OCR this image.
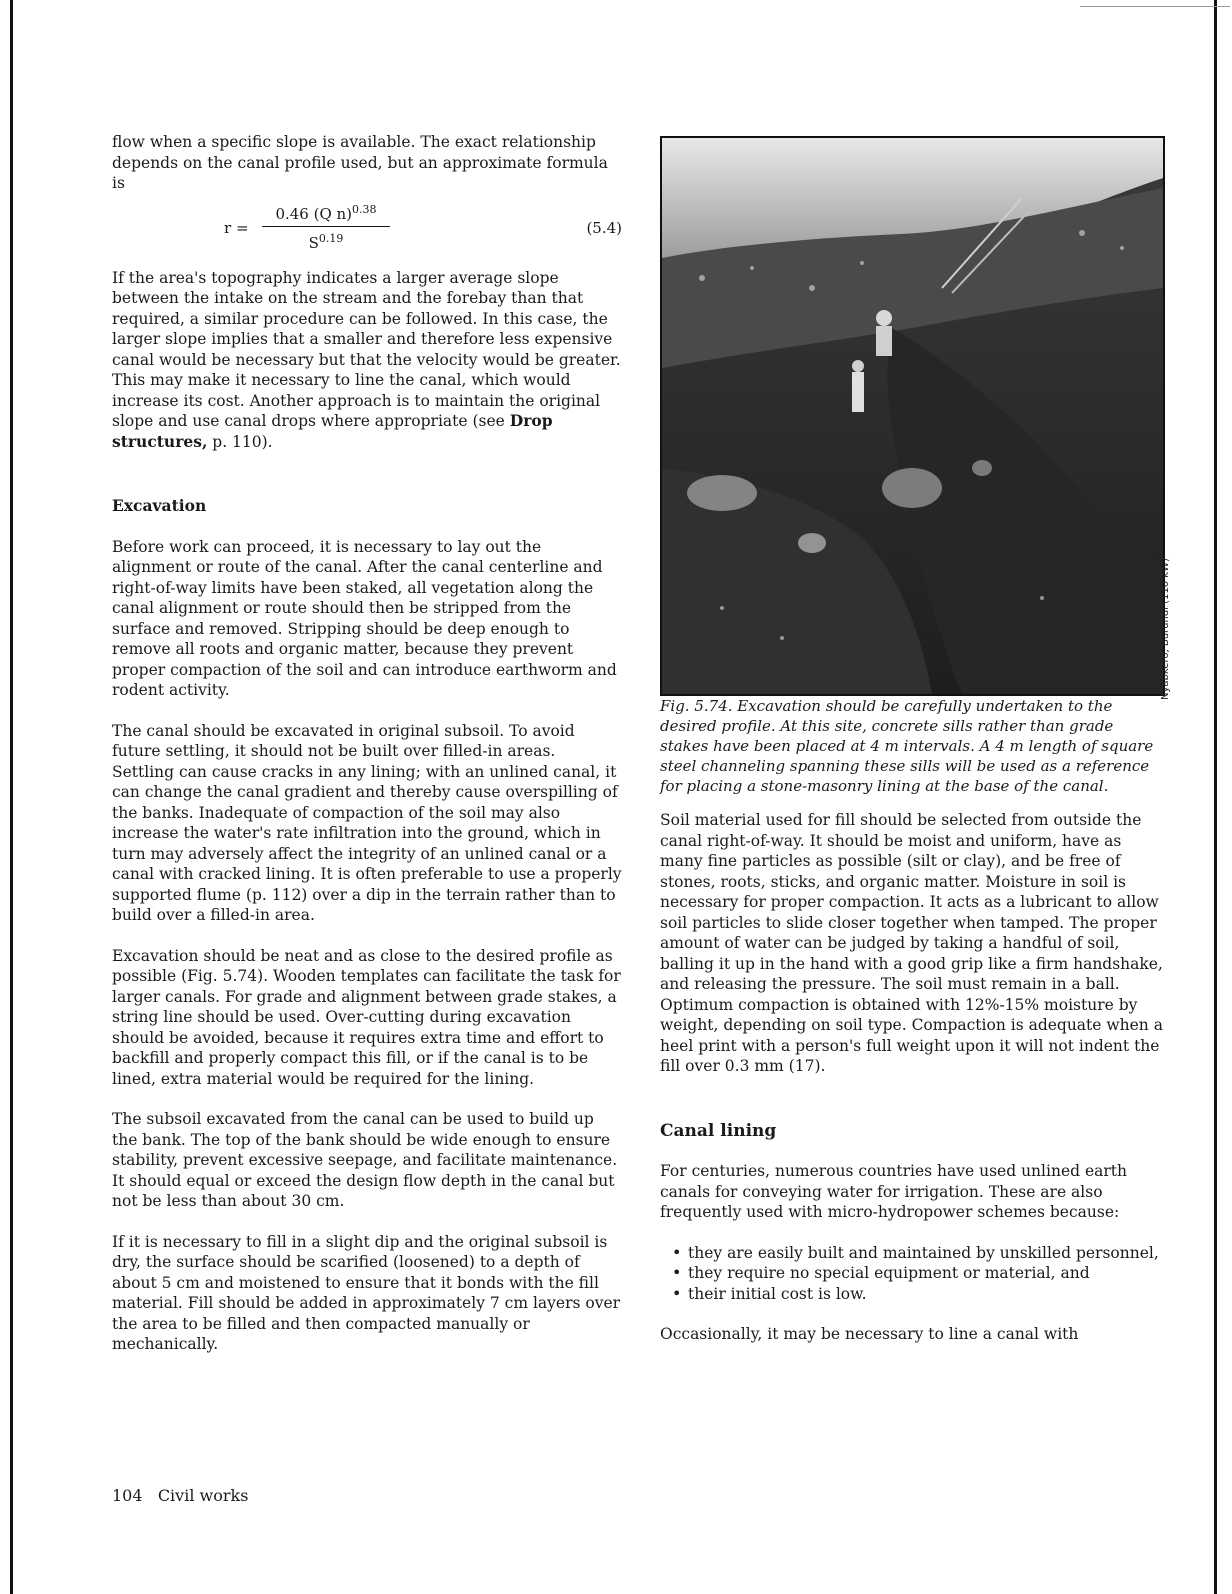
flow when a specific slope is available. The exact relationship depends on the canal profile used, but an approximate formula is

$r = \frac{0.46 (Q n)^{0.38}}{S^{0.19}}$	(5.4)

If the area's topography indicates a larger average slope between the intake on the stream and the forebay than that required, a similar procedure can be followed. In this case, the larger slope implies that a smaller and therefore less expensive canal would be necessary but that the velocity would be greater. This may make it necessary to line the canal, which would increase its cost. Another approach is to maintain the original slope and use canal drops where appropriate (see Drop structures, p. 110).

Excavation

Before work can proceed, it is necessary to lay out the alignment or route of the canal. After the canal centerline and right-of-way limits have been staked, all vegetation along the canal alignment or route should then be stripped from the surface and removed. Stripping should be deep enough to remove all roots and organic matter, because they prevent proper compaction of the soil and can introduce earthworm and rodent activity.

The canal should be excavated in original subsoil. To avoid future settling, it should not be built over filled-in areas. Settling can cause cracks in any lining; with an unlined canal, it can change the canal gradient and thereby cause overspilling of the banks. Inadequate of compaction of the soil may also increase the water's rate infiltration into the ground, which in turn may adversely affect the integrity of an unlined canal or a canal with cracked lining. It is often preferable to use a properly supported flume (p. 112) over a dip in the terrain rather than to build over a filled-in area.

Excavation should be neat and as close to the desired profile as possible (Fig. 5.74). Wooden templates can facilitate the task for larger canals. For grade and alignment between grade stakes, a string line should be used. Over-cutting during excavation should be avoided, because it requires extra time and effort to backfill and properly compact this fill, or if the canal is to be lined, extra material would be required for the lining.

The subsoil excavated from the canal can be used to build up the bank. The top of the bank should be wide enough to ensure stability, prevent excessive seepage, and facilitate maintenance. It should equal or exceed the design flow depth in the canal but not be less than about 30 cm.

If it is necessary to fill in a slight dip and the original subsoil is dry, the surface should be scarified (loosened) to a depth of about 5 cm and moistened to ensure that it bonds with the fill material. Fill should be added in approximately 7 cm layers over the area to be filled and then compacted manually or mechanically.

Fig. 5.74. Excavation should be carefully undertaken to the desired profile. At this site, concrete sills rather than grade stakes have been placed at 4 m intervals. A 4 m length of square steel channeling spanning these sills will be used as a reference for placing a stone-masonry lining at the base of the canal.

Soil material used for fill should be selected from outside the canal right-of-way. It should be moist and uniform, have as many fine particles as possible (silt or clay), and be free of stones, roots, sticks, and organic matter. Moisture in soil is necessary for proper compaction. It acts as a lubricant to allow soil particles to slide closer together when tamped. The proper amount of water can be judged by taking a handful of soil, balling it up in the hand with a good grip like a firm handshake, and releasing the pressure. The soil must remain in a ball. Optimum compaction is obtained with 12%-15% moisture by weight, depending on soil type. Compaction is adequate when a heel print with a person's full weight upon it will not indent the fill over 0.3 mm (17).

Canal lining

For centuries, numerous countries have used unlined earth canals for conveying water for irrigation. These are also frequently used with micro-hydropower schemes because:

• they are easily built and maintained by unskilled personnel,
• they require no special equipment or material, and
• their initial cost is low.

Occasionally, it may be necessary to line a canal with

Nyabkero, Burundi (110 kW)
104 Civil works
